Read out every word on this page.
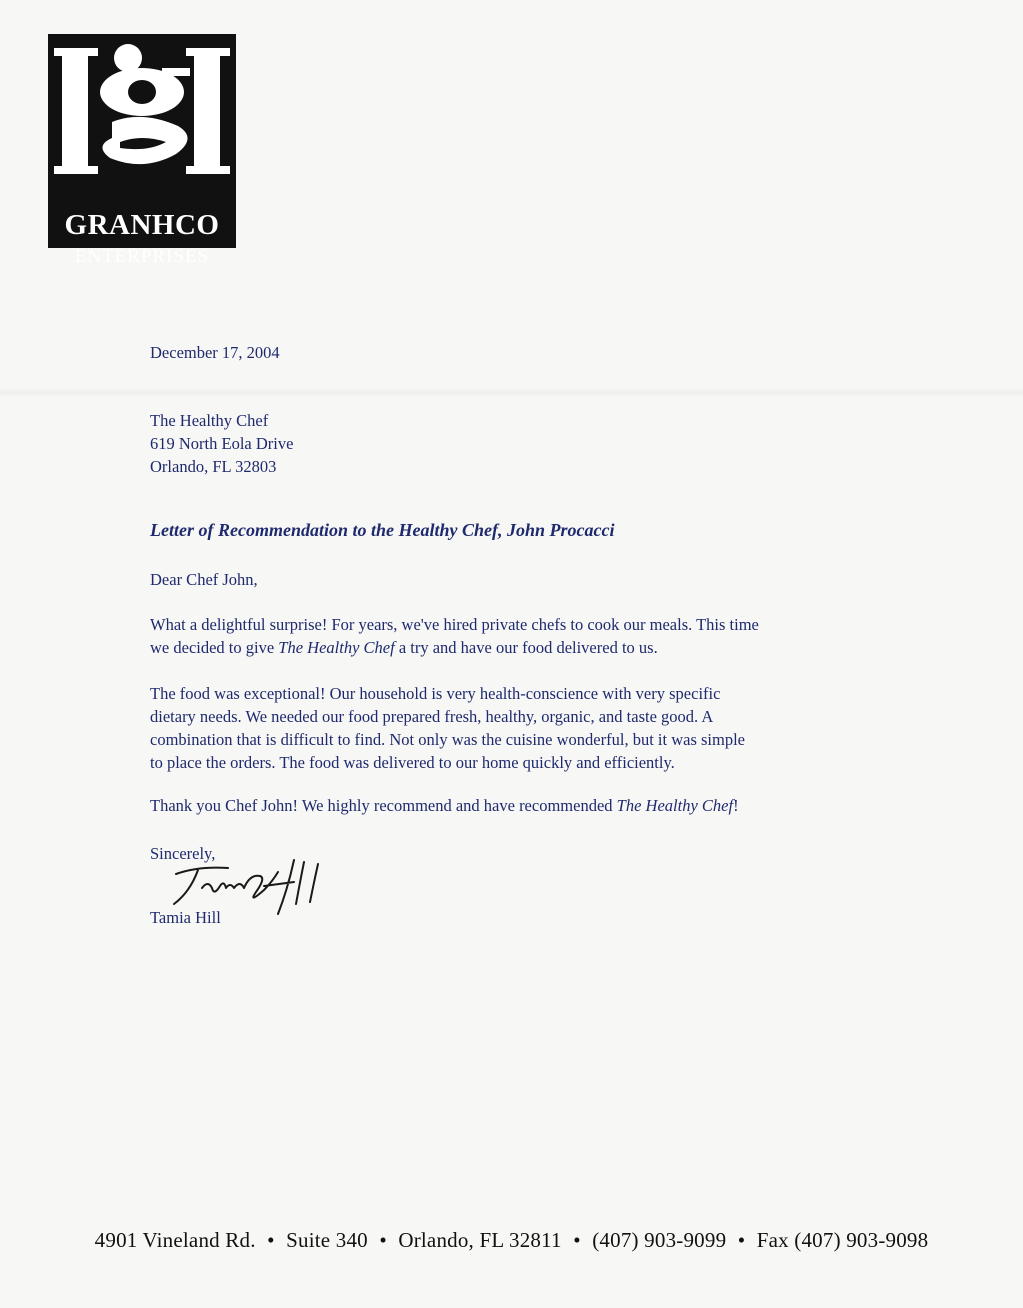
GRANHCO
ENTERPRISES
December 17, 2004
The Healthy Chef
619 North Eola Drive
Orlando, FL 32803
Letter of Recommendation to the Healthy Chef, John Procacci
Dear Chef John,
What a delightful surprise! For years, we've hired private chefs to cook our meals. This time
we decided to give The Healthy Chef a try and have our food delivered to us.
The food was exceptional! Our household is very health-conscience with very specific
dietary needs. We needed our food prepared fresh, healthy, organic, and taste good. A
combination that is difficult to find. Not only was the cuisine wonderful, but it was simple
to place the orders. The food was delivered to our home quickly and efficiently.
Thank you Chef John! We highly recommend and have recommended The Healthy Chef!
Sincerely,
Tamia Hill
4901 Vineland Rd. • Suite 340 • Orlando, FL 32811 • (407) 903-9099 • Fax (407) 903-9098
